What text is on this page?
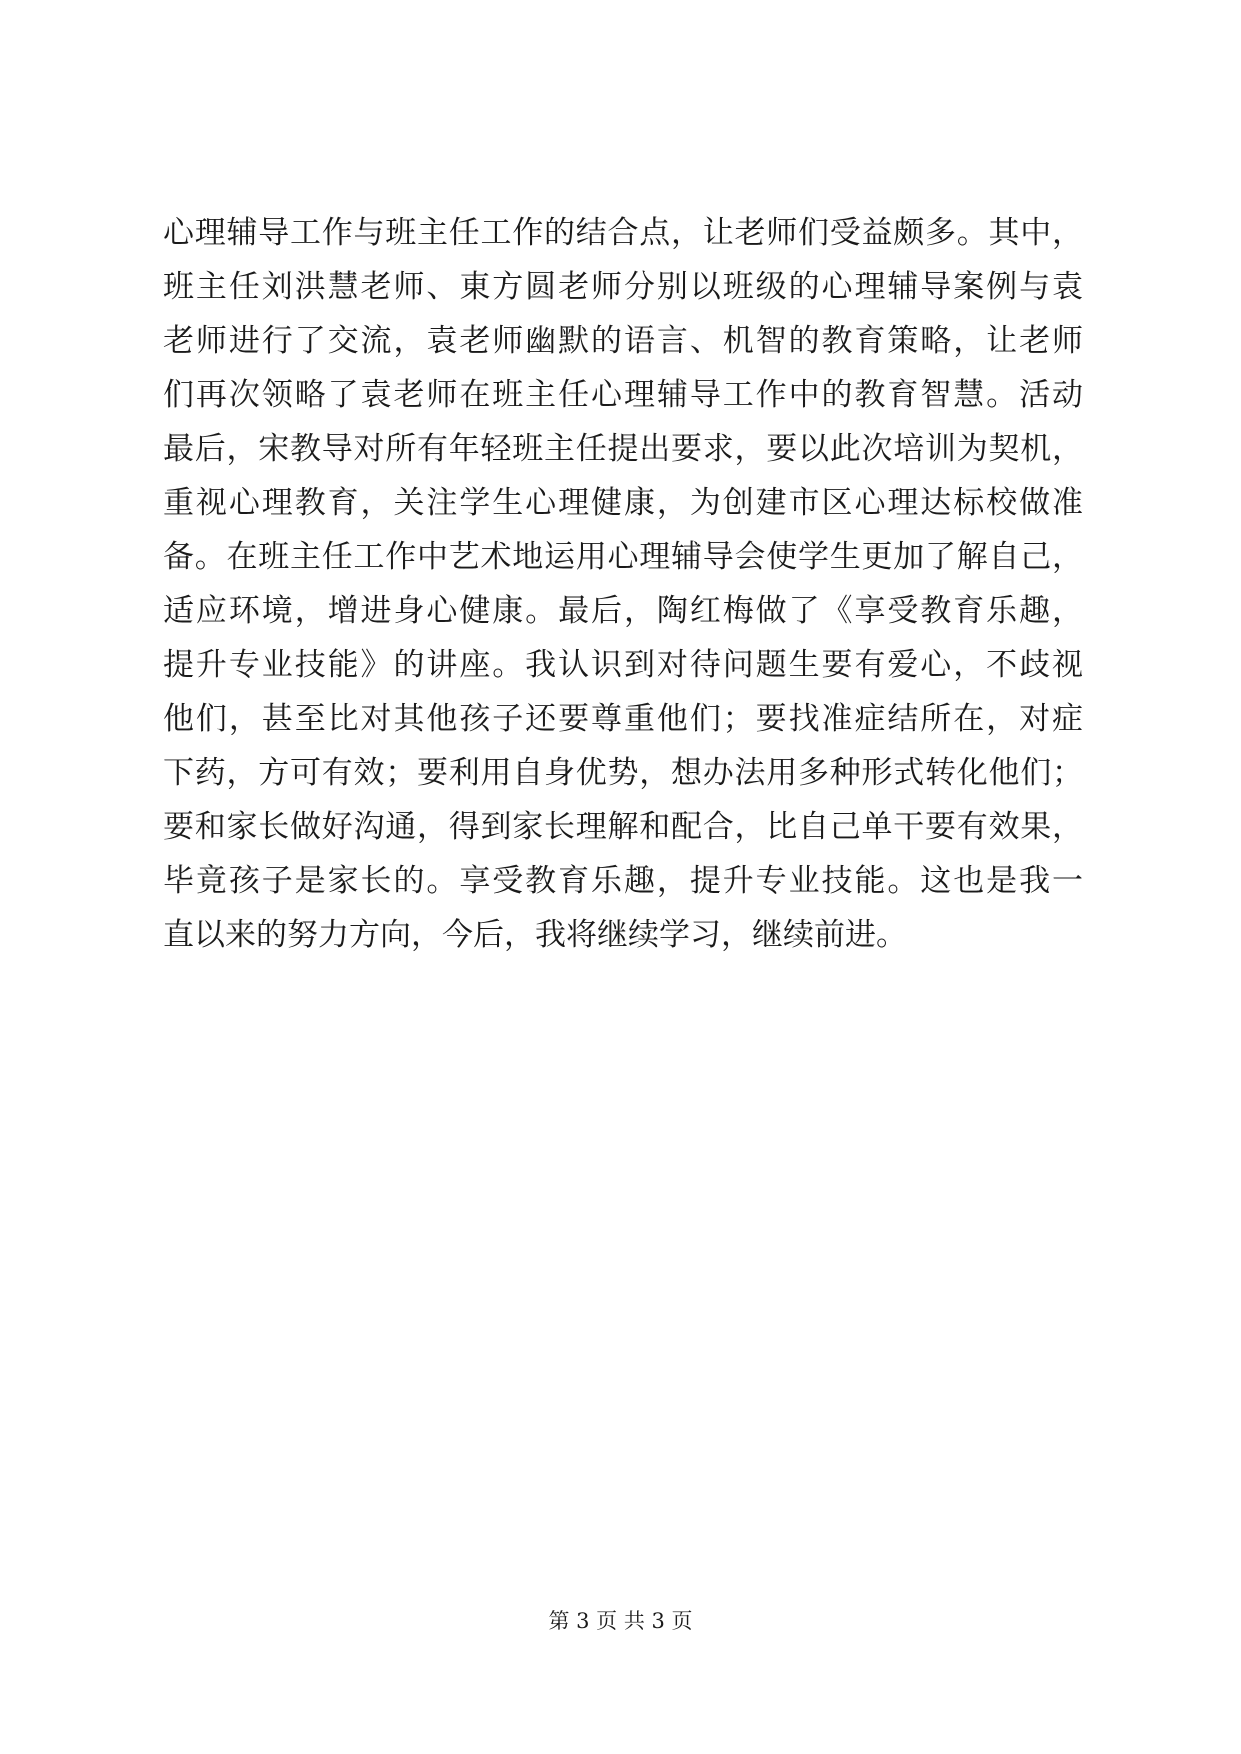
心理辅导工作与班主任工作的结合点，让老师们受益颇多。其中，
班主任刘洪慧老师、東方圆老师分别以班级的心理辅导案例与袁
老师进行了交流，袁老师幽默的语言、机智的教育策略，让老师
们再次领略了袁老师在班主任心理辅导工作中的教育智慧。活动
最后，宋教导对所有年轻班主任提出要求，要以此次培训为契机，
重视心理教育，关注学生心理健康，为创建市区心理达标校做准
备。在班主任工作中艺术地运用心理辅导会使学生更加了解自己，
适应环境，增进身心健康。最后，陶红梅做了《享受教育乐趣，
提升专业技能》的讲座。我认识到对待问题生要有爱心，不歧视
他们，甚至比对其他孩子还要尊重他们；要找准症结所在，对症
下药，方可有效；要利用自身优势，想办法用多种形式转化他们；
要和家长做好沟通，得到家长理解和配合，比自己单干要有效果，
毕竟孩子是家长的。享受教育乐趣，提升专业技能。这也是我一
直以来的努力方向，今后，我将继续学习，继续前进。
第 3 页 共 3 页
